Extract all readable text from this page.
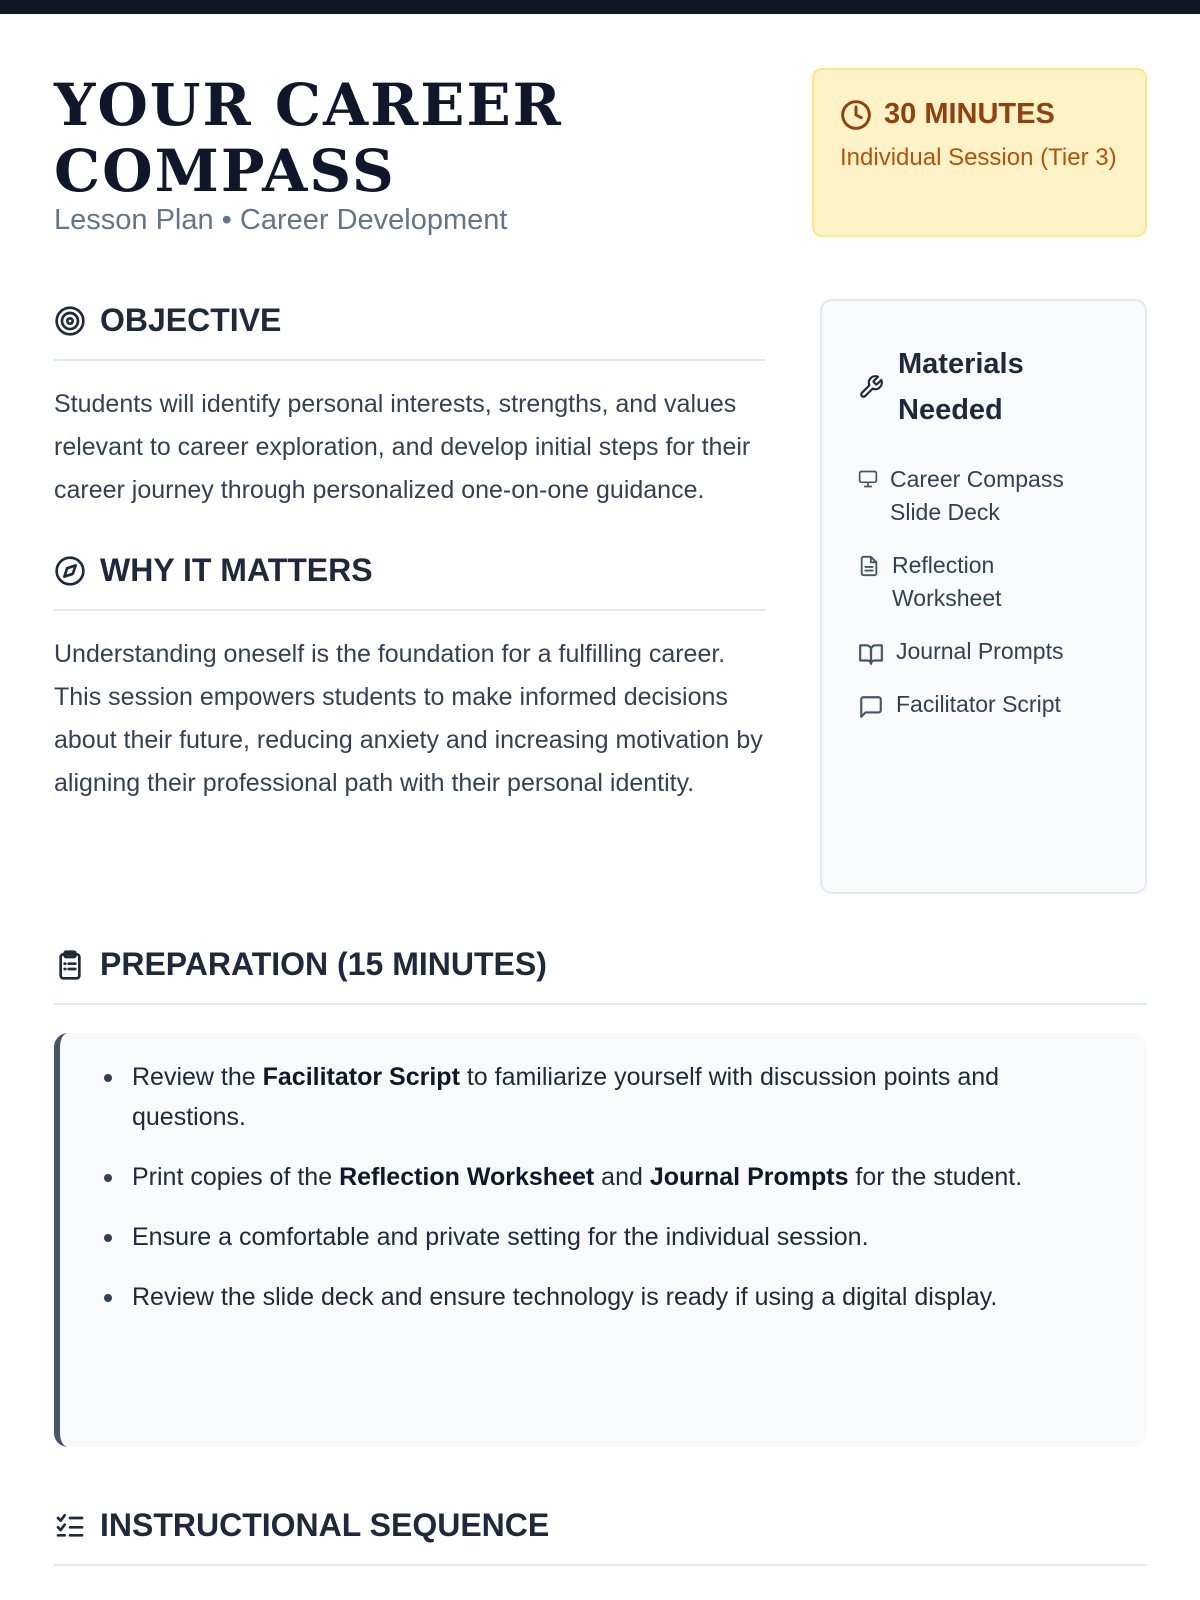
YOUR CAREER COMPASS
Lesson Plan • Career Development
30 MINUTES
Individual Session (Tier 3)
OBJECTIVE

Students will identify personal interests, strengths, and values relevant to career exploration, and develop initial steps for their career journey through personalized one-on-one guidance.

WHY IT MATTERS

Understanding oneself is the foundation for a fulfilling career. This session empowers students to make informed decisions about their future, reducing anxiety and increasing motivation by aligning their professional path with their personal identity.

Materials Needed
Career Compass Slide Deck
Reflection Worksheet
Journal Prompts
Facilitator Script
PREPARATION (15 MINUTES)
Review the Facilitator Script to familiarize yourself with discussion points and questions.
Print copies of the Reflection Worksheet and Journal Prompts for the student.
Ensure a comfortable and private setting for the individual session.
Review the slide deck and ensure technology is ready if using a digital display.
INSTRUCTIONAL SEQUENCE
